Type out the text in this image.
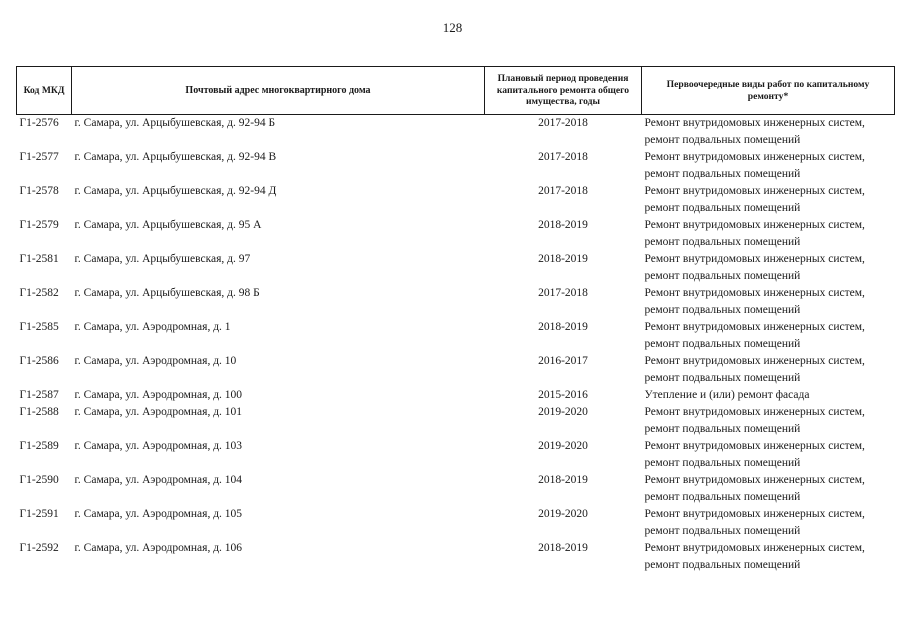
128
Код МКД	Почтовый адрес многоквартирного дома	Плановый период проведения капитального ремонта общего имущества, годы	Первоочередные виды работ по капитальному ремонту*
Г1-2576	г. Самара, ул. Арцыбушевская, д. 92-94 Б	2017-2018	Ремонт внутридомовых инженерных систем, ремонт подвальных помещений
Г1-2577	г. Самара, ул. Арцыбушевская, д. 92-94 В	2017-2018	Ремонт внутридомовых инженерных систем, ремонт подвальных помещений
Г1-2578	г. Самара, ул. Арцыбушевская, д. 92-94 Д	2017-2018	Ремонт внутридомовых инженерных систем, ремонт подвальных помещений
Г1-2579	г. Самара, ул. Арцыбушевская, д. 95 А	2018-2019	Ремонт внутридомовых инженерных систем, ремонт подвальных помещений
Г1-2581	г. Самара, ул. Арцыбушевская, д. 97	2018-2019	Ремонт внутридомовых инженерных систем, ремонт подвальных помещений
Г1-2582	г. Самара, ул. Арцыбушевская, д. 98 Б	2017-2018	Ремонт внутридомовых инженерных систем, ремонт подвальных помещений
Г1-2585	г. Самара, ул. Аэродромная, д. 1	2018-2019	Ремонт внутридомовых инженерных систем, ремонт подвальных помещений
Г1-2586	г. Самара, ул. Аэродромная, д. 10	2016-2017	Ремонт внутридомовых инженерных систем, ремонт подвальных помещений
Г1-2587	г. Самара, ул. Аэродромная, д. 100	2015-2016	Утепление и (или) ремонт фасада
Г1-2588	г. Самара, ул. Аэродромная, д. 101	2019-2020	Ремонт внутридомовых инженерных систем, ремонт подвальных помещений
Г1-2589	г. Самара, ул. Аэродромная, д. 103	2019-2020	Ремонт внутридомовых инженерных систем, ремонт подвальных помещений
Г1-2590	г. Самара, ул. Аэродромная, д. 104	2018-2019	Ремонт внутридомовых инженерных систем, ремонт подвальных помещений
Г1-2591	г. Самара, ул. Аэродромная, д. 105	2019-2020	Ремонт внутридомовых инженерных систем, ремонт подвальных помещений
Г1-2592	г. Самара, ул. Аэродромная, д. 106	2018-2019	Ремонт внутридомовых инженерных систем, ремонт подвальных помещений
